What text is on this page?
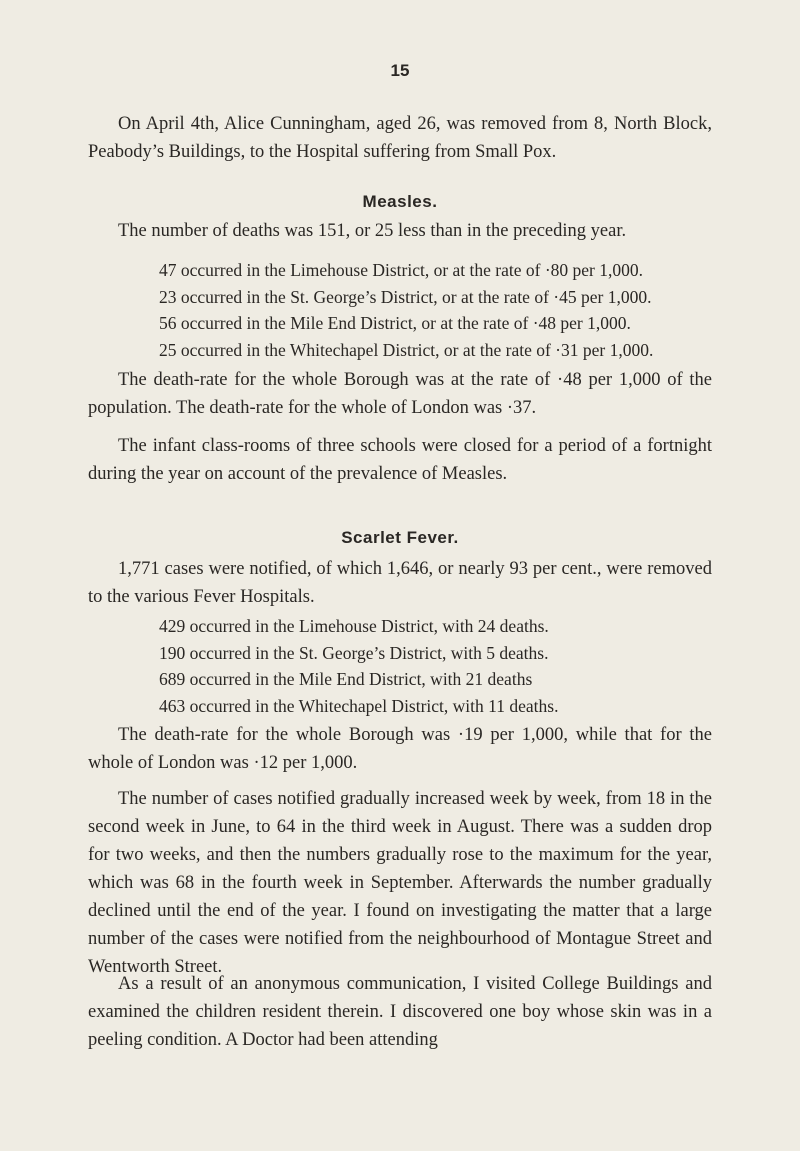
15

On April 4th, Alice Cunningham, aged 26, was removed from 8, North Block, Peabody’s Buildings, to the Hospital suffering from Small Pox.

Measles.

The number of deaths was 151, or 25 less than in the preceding year.

47 occurred in the Limehouse District, or at the rate of ·80 per 1,000.
23 occurred in the St. George’s District, or at the rate of ·45 per 1,000.
56 occurred in the Mile End District, or at the rate of ·48 per 1,000.
25 occurred in the Whitechapel District, or at the rate of ·31 per 1,000.

The death-rate for the whole Borough was at the rate of ·48 per 1,000 of the population. The death-rate for the whole of London was ·37.

The infant class-rooms of three schools were closed for a period of a fortnight during the year on account of the prevalence of Measles.

Scarlet Fever.

1,771 cases were notified, of which 1,646, or nearly 93 per cent., were removed to the various Fever Hospitals.

429 occurred in the Limehouse District, with 24 deaths.
190 occurred in the St. George’s District, with 5 deaths.
689 occurred in the Mile End District, with 21 deaths
463 occurred in the Whitechapel District, with 11 deaths.

The death-rate for the whole Borough was ·19 per 1,000, while that for the whole of London was ·12 per 1,000.

The number of cases notified gradually increased week by week, from 18 in the second week in June, to 64 in the third week in August. There was a sudden drop for two weeks, and then the numbers gradually rose to the maximum for the year, which was 68 in the fourth week in September. Afterwards the number gradually declined until the end of the year. I found on investigating the matter that a large number of the cases were notified from the neighbourhood of Montague Street and Wentworth Street.

As a result of an anonymous communication, I visited College Buildings and examined the children resident therein. I discovered one boy whose skin was in a peeling condition. A Doctor had been attending
